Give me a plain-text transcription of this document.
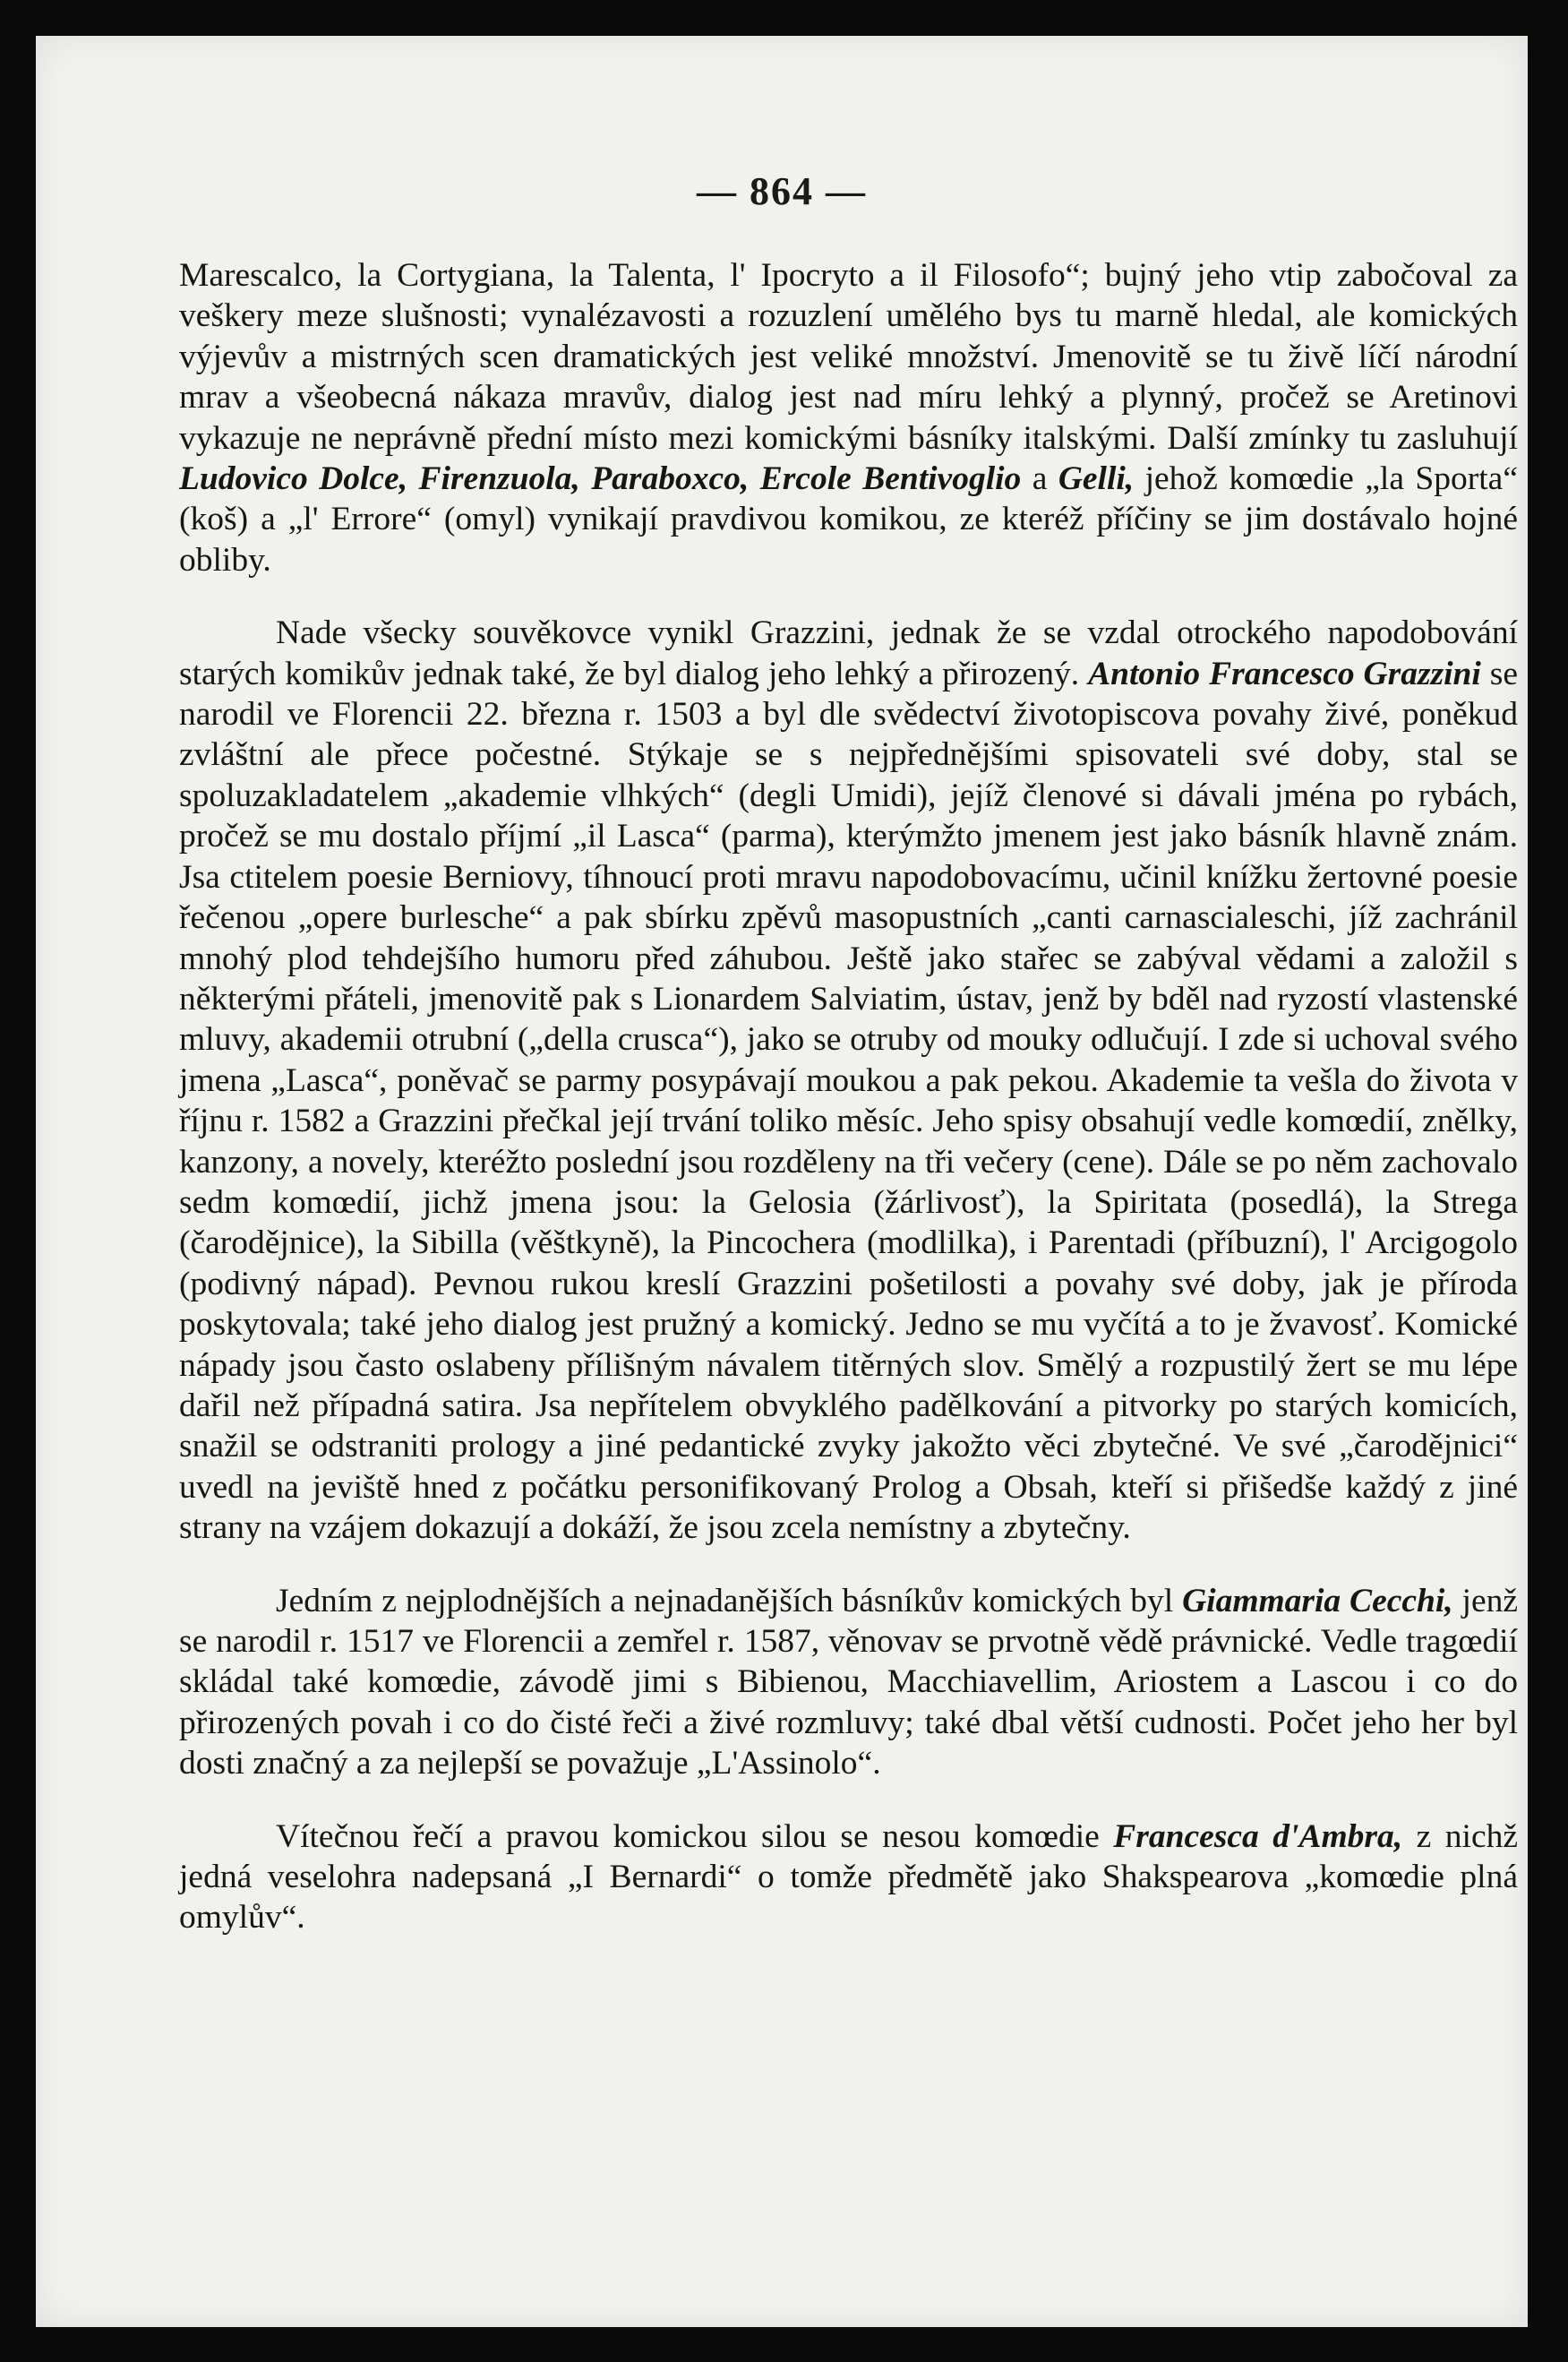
— 864 —

Marescalco, la Cortygiana, la Talenta, l' Ipocryto a il Filosofo“; bujný jeho vtip zabočoval za veškery meze slušnosti; vynalézavosti a rozuzlení umělého bys tu marně hledal, ale komických výjevův a mistrných scen dramatických jest veliké množství. Jmenovitě se tu živě líčí národní mrav a všeobecná nákaza mravův, dialog jest nad míru lehký a plynný, pročež se Aretinovi vykazuje ne neprávně přední místo mezi komickými básníky italskými. Další zmínky tu zasluhují Ludovico Dolce, Firenzuola, Paraboxco, Ercole Bentivoglio a Gelli, jehož komœdie „la Sporta“ (koš) a „l' Errore“ (omyl) vynikají pravdivou komikou, ze kteréž příčiny se jim dostávalo hojné obliby.

Nade všecky souvěkovce vynikl Grazzini, jednak že se vzdal otrockého napodobování starých komikův jednak také, že byl dialog jeho lehký a přirozený. Antonio Francesco Grazzini se narodil ve Florencii 22. března r. 1503 a byl dle svědectví životopiscova povahy živé, poněkud zvláštní ale přece počestné. Stýkaje se s nejpřednějšími spisovateli své doby, stal se spoluzakladatelem „akademie vlhkých“ (degli Umidi), jejíž členové si dávali jména po rybách, pročež se mu dostalo příjmí „il Lasca“ (parma), kterýmžto jmenem jest jako básník hlavně znám. Jsa ctitelem poesie Berniovy, tíhnoucí proti mravu napodobovacímu, učinil knížku žertovné poesie řečenou „opere burlesche“ a pak sbírku zpěvů masopustních „canti carnascialeschi, jíž zachránil mnohý plod tehdejšího humoru před záhubou. Ještě jako stařec se zabýval vědami a založil s některými přáteli, jmenovitě pak s Lionardem Salviatim, ústav, jenž by bděl nad ryzostí vlastenské mluvy, akademii otrubní („della crusca“), jako se otruby od mouky odlučují. I zde si uchoval svého jmena „Lasca“, poněvač se parmy posypávají moukou a pak pekou. Akademie ta vešla do života v říjnu r. 1582 a Grazzini přečkal její trvání toliko měsíc. Jeho spisy obsahují vedle komœdií, znělky, kanzony, a novely, kteréžto poslední jsou rozděleny na tři večery (cene). Dále se po něm zachovalo sedm komœdií, jichž jmena jsou: la Gelosia (žárlivosť), la Spiritata (posedlá), la Strega (čarodějnice), la Sibilla (věštkyně), la Pincochera (modlilka), i Parentadi (příbuzní), l' Arcigogolo (podivný nápad). Pevnou rukou kreslí Grazzini pošetilosti a povahy své doby, jak je příroda poskytovala; také jeho dialog jest pružný a komický. Jedno se mu vyčítá a to je žvavosť. Komické nápady jsou často oslabeny přílišným návalem titěrných slov. Smělý a rozpustilý žert se mu lépe dařil než případná satira. Jsa nepřítelem obvyklého padělkování a pitvorky po starých komicích, snažil se odstraniti prology a jiné pedantické zvyky jakožto věci zbytečné. Ve své „čarodějnici“ uvedl na jeviště hned z počátku personifikovaný Prolog a Obsah, kteří si přišedše každý z jiné strany na vzájem dokazují a dokáží, že jsou zcela nemístny a zbytečny.

Jedním z nejplodnějších a nejnadanějších básníkův komických byl Giammaria Cecchi, jenž se narodil r. 1517 ve Florencii a zemřel r. 1587, věnovav se prvotně vědě právnické. Vedle tragœdií skládal také komœdie, závodě jimi s Bibienou, Macchiavellim, Ariostem a Lascou i co do přirozených povah i co do čisté řeči a živé rozmluvy; také dbal větší cudnosti. Počet jeho her byl dosti značný a za nejlepší se považuje „L'Assinolo“.

Vítečnou řečí a pravou komickou silou se nesou komœdie Francesca d'Ambra, z nichž jedná veselohra nadepsaná „I Bernardi“ o tomže předmětě jako Shakspearova „komœdie plná omylův“.
